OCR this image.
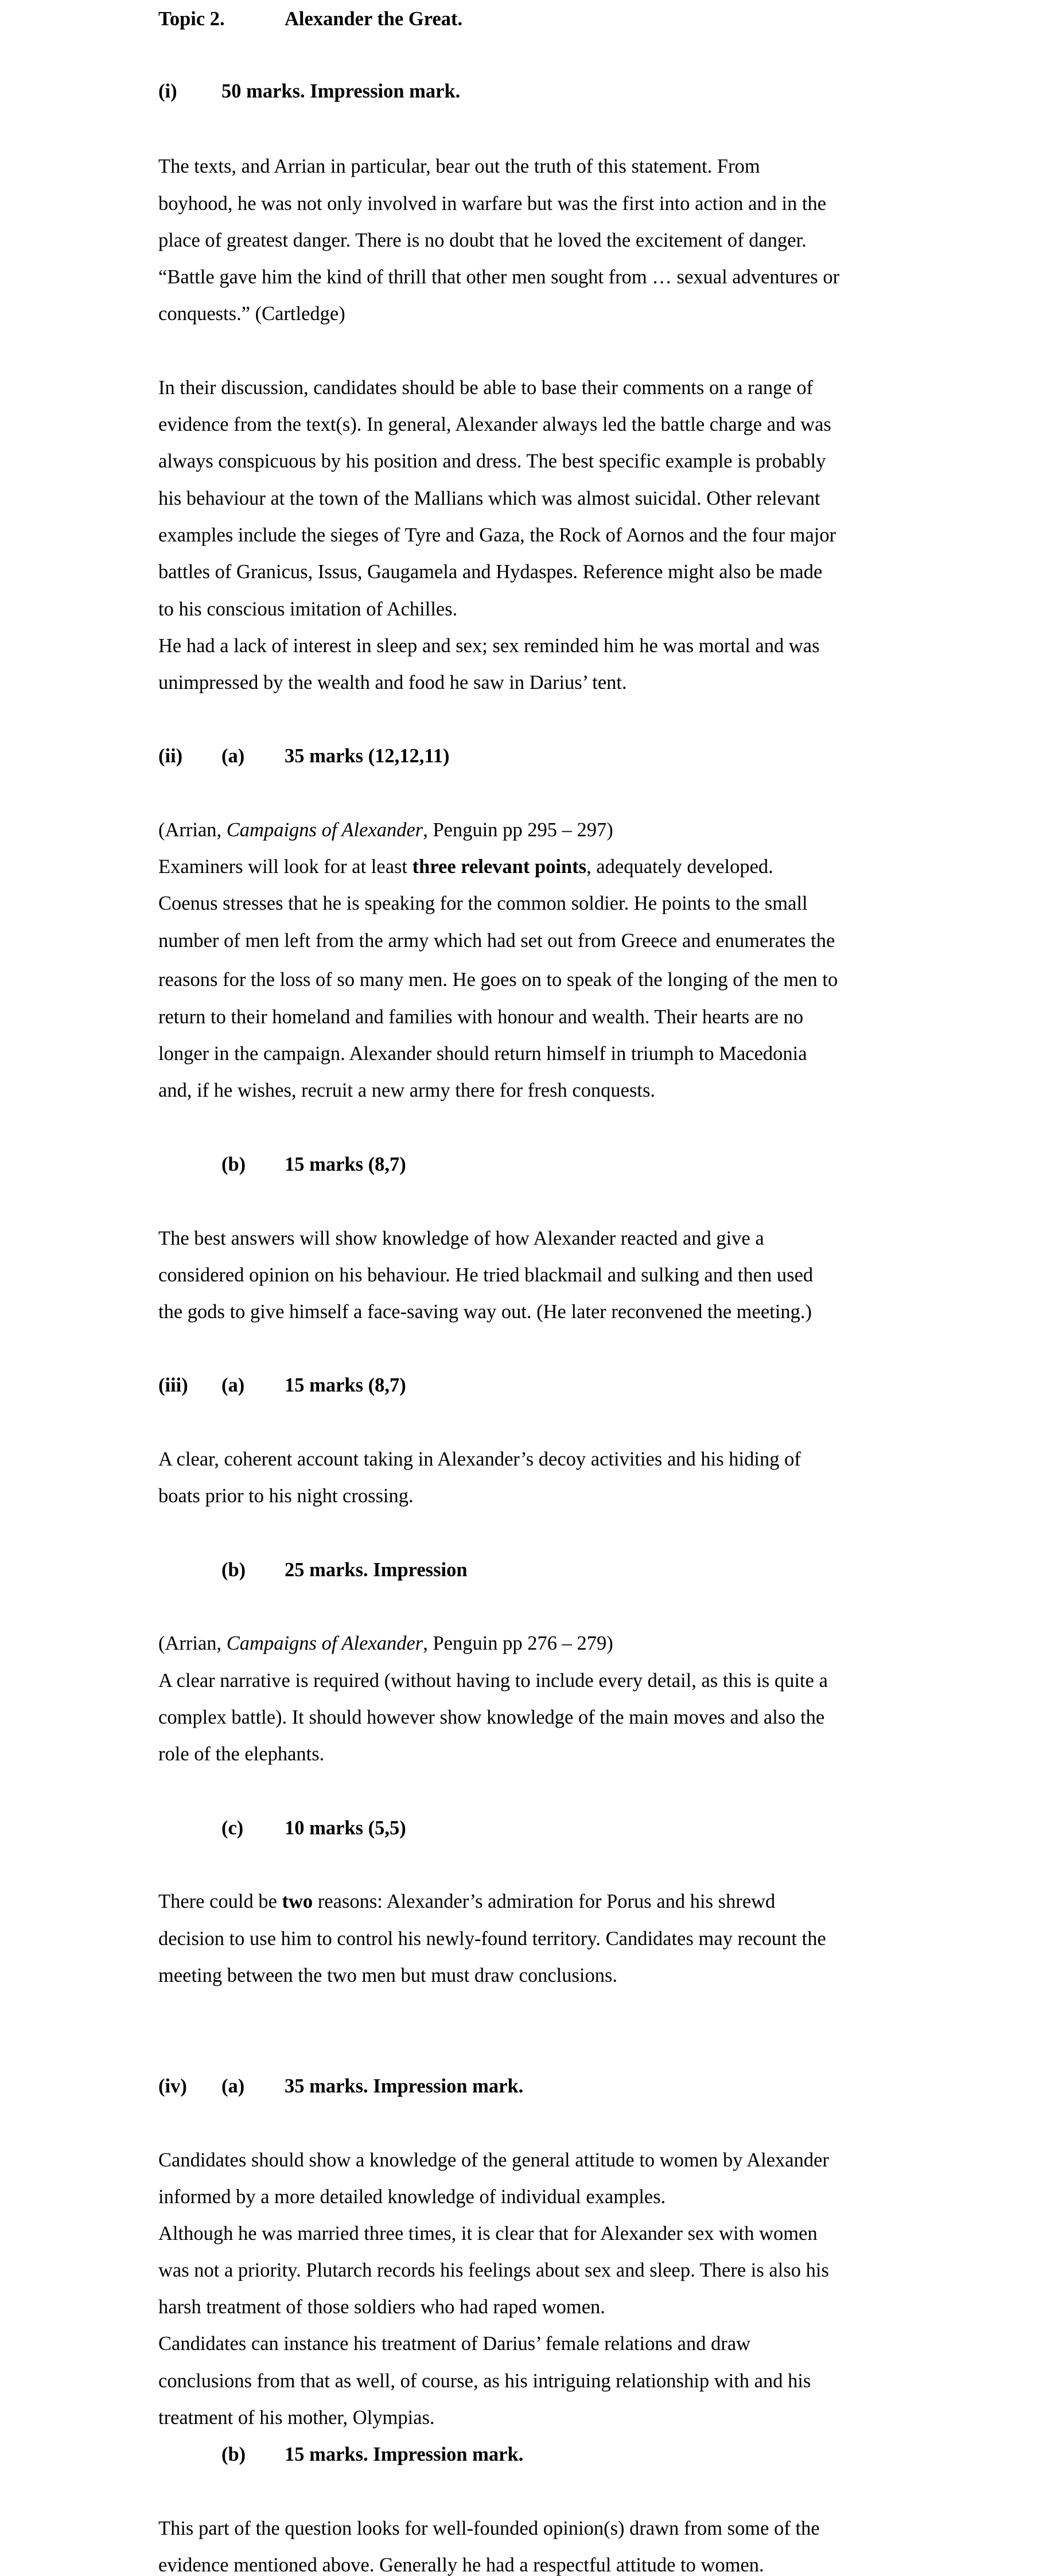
Topic 2.	Alexander the Great.
(i) 50 marks. Impression mark.
The texts, and Arrian in particular, bear out the truth of this statement. From
boyhood, he was not only involved in warfare but was the first into action and in the
place of greatest danger. There is no doubt that he loved the excitement of danger.
“Battle gave him the kind of thrill that other men sought from … sexual adventures or
conquests.” (Cartledge)
In their discussion, candidates should be able to base their comments on a range of
evidence from the text(s). In general, Alexander always led the battle charge and was
always conspicuous by his position and dress. The best specific example is probably
his behaviour at the town of the Mallians which was almost suicidal. Other relevant
examples include the sieges of Tyre and Gaza, the Rock of Aornos and the four major
battles of Granicus, Issus, Gaugamela and Hydaspes. Reference might also be made
to his conscious imitation of Achilles.
He had a lack of interest in sleep and sex; sex reminded him he was mortal and was
unimpressed by the wealth and food he saw in Darius’ tent.
(ii) (a) 35 marks (12,12,11)
(Arrian, Campaigns of Alexander, Penguin pp 295 – 297)
Examiners will look for at least three relevant points, adequately developed.
Coenus stresses that he is speaking for the common soldier. He points to the small
number of men left from the army which had set out from Greece and enumerates the
reasons for the loss of so many men. He goes on to speak of the longing of the men to
return to their homeland and families with honour and wealth. Their hearts are no
longer in the campaign. Alexander should return himself in triumph to Macedonia
and, if he wishes, recruit a new army there for fresh conquests.
(b) 15 marks (8,7)
The best answers will show knowledge of how Alexander reacted and give a
considered opinion on his behaviour. He tried blackmail and sulking and then used
the gods to give himself a face-saving way out. (He later reconvened the meeting.)
(iii) (a) 15 marks (8,7)
A clear, coherent account taking in Alexander’s decoy activities and his hiding of
boats prior to his night crossing.
(b) 25 marks. Impression
(Arrian, Campaigns of Alexander, Penguin pp 276 – 279)
A clear narrative is required (without having to include every detail, as this is quite a
complex battle). It should however show knowledge of the main moves and also the
role of the elephants.
(c) 10 marks (5,5)
There could be two reasons: Alexander’s admiration for Porus and his shrewd
decision to use him to control his newly-found territory. Candidates may recount the
meeting between the two men but must draw conclusions.
(iv) (a) 35 marks. Impression mark.
Candidates should show a knowledge of the general attitude to women by Alexander
informed by a more detailed knowledge of individual examples.
Although he was married three times, it is clear that for Alexander sex with women
was not a priority. Plutarch records his feelings about sex and sleep. There is also his
harsh treatment of those soldiers who had raped women.
Candidates can instance his treatment of Darius’ female relations and draw
conclusions from that as well, of course, as his intriguing relationship with and his
treatment of his mother, Olympias.
(b) 15 marks. Impression mark.
This part of the question looks for well-founded opinion(s) drawn from some of the
evidence mentioned above. Generally he had a respectful attitude to women.
